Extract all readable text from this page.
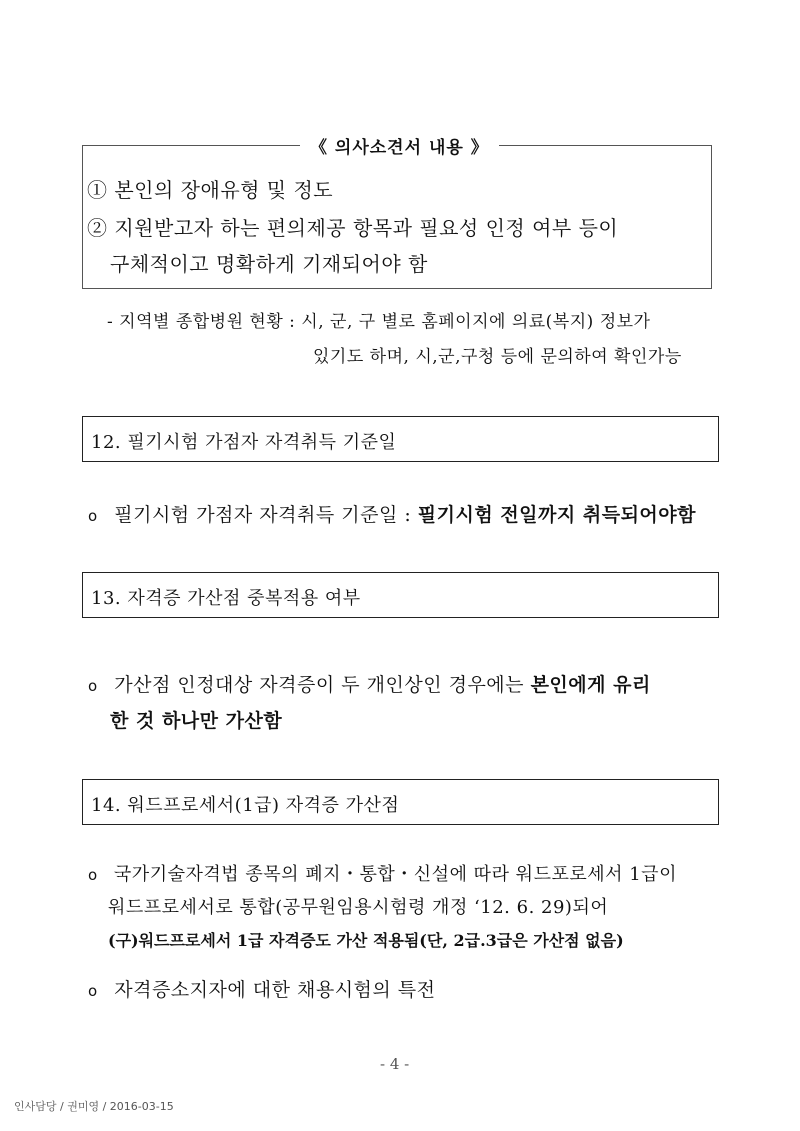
《 의사소견서 내용 》
① 본인의 장애유형 및 정도
② 지원받고자 하는 편의제공 항목과 필요성 인정 여부 등이
구체적이고 명확하게 기재되어야 함
- 지역별 종합병원 현황 : 시, 군, 구 별로 홈페이지에 의료(복지) 정보가
있기도 하며, 시,군,구청 등에 문의하여 확인가능
12. 필기시험 가점자 자격취득 기준일
o 필기시험 가점자 자격취득 기준일 : 필기시험 전일까지 취득되어야함
13. 자격증 가산점 중복적용 여부
o 가산점 인정대상 자격증이 두 개인상인 경우에는 본인에게 유리
한 것 하나만 가산함
14. 워드프로세서(1급) 자격증 가산점
o 국가기술자격법 종목의 폐지・통합・신설에 따라 워드포로세서 1급이
워드프로세서로 통합(공무원임용시험령 개정 ‘12. 6. 29)되어
(구)워드프로세서 1급 자격증도 가산 적용됨(단, 2급.3급은 가산점 없음)
o 자격증소지자에 대한 채용시험의 특전
- 4 -
인사담당 / 권미영 / 2016-03-15
